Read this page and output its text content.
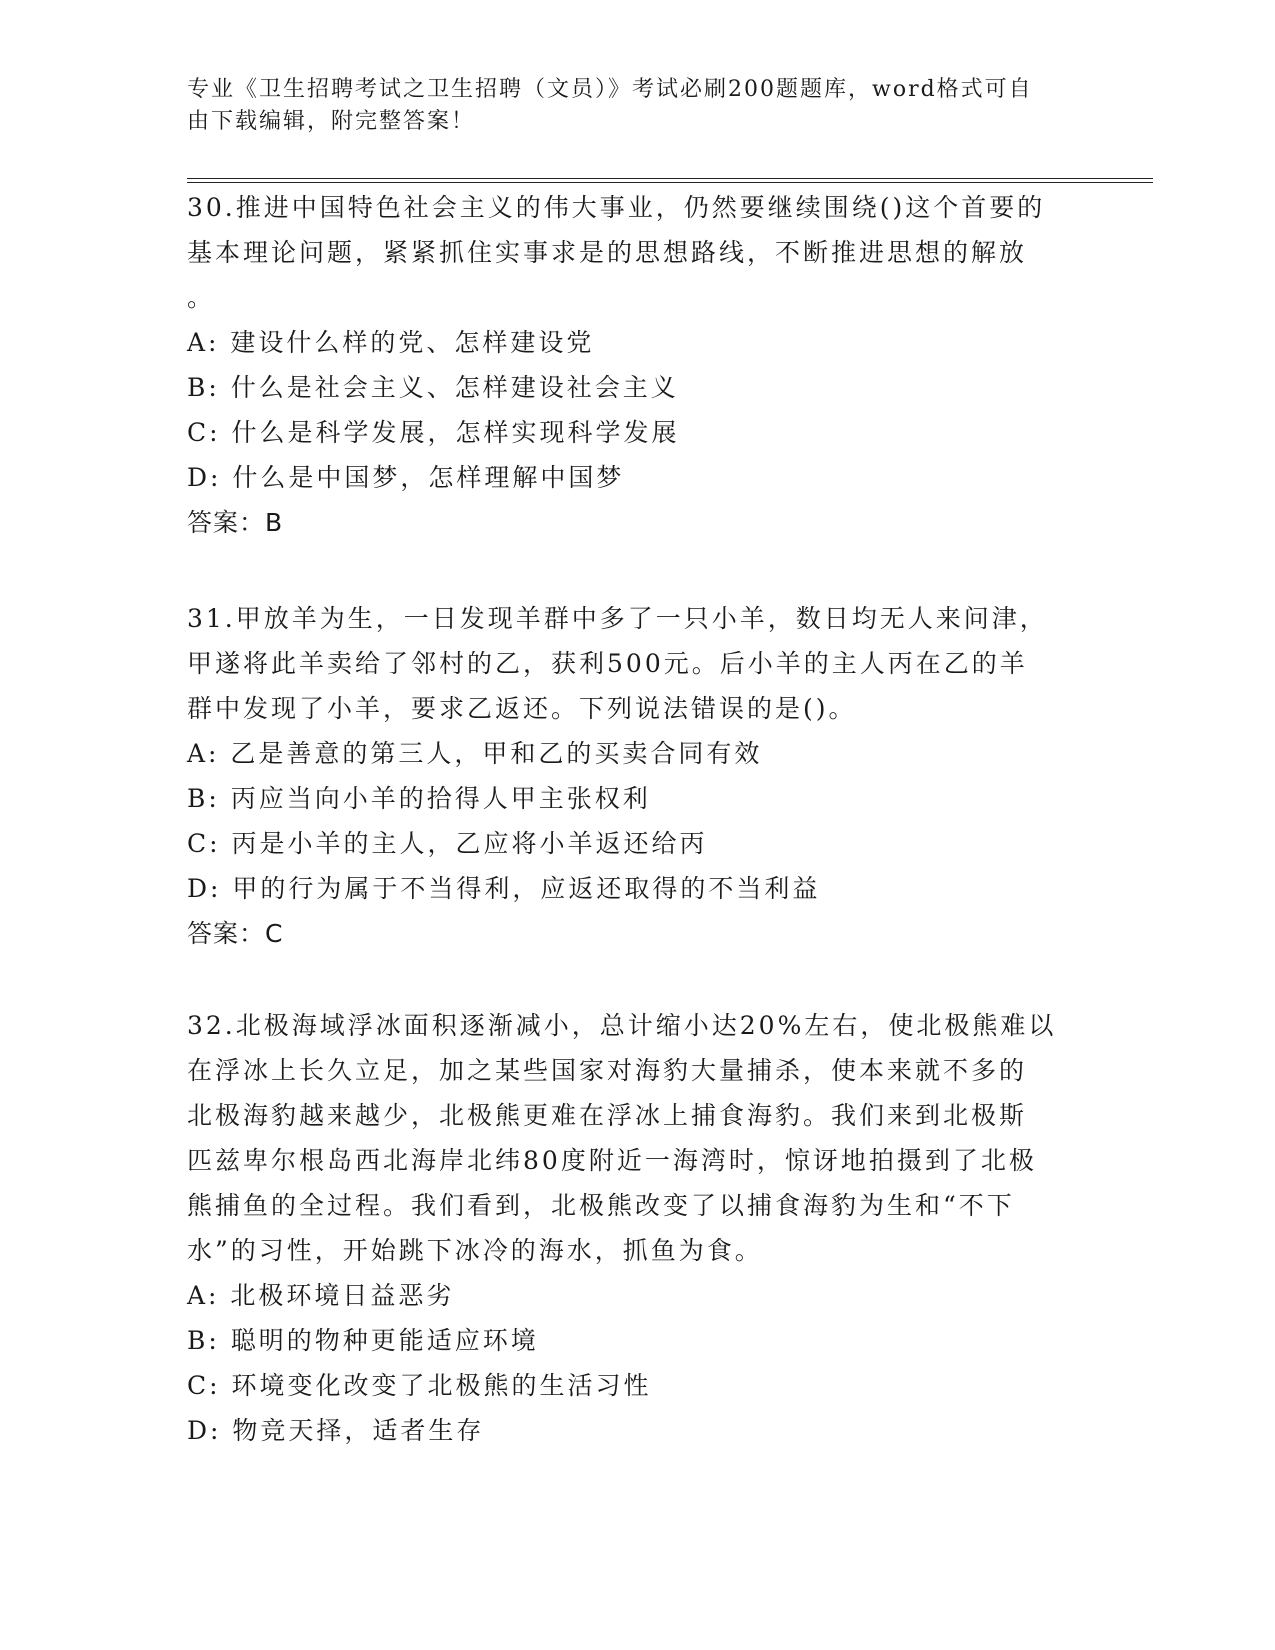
专业《卫生招聘考试之卫生招聘（文员）》考试必刷200题题库，word格式可自
由下载编辑，附完整答案！

30.推进中国特色社会主义的伟大事业，仍然要继续围绕()这个首要的

基本理论问题，紧紧抓住实事求是的思想路线，不断推进思想的解放

。

A: 建设什么样的党、怎样建设党

B: 什么是社会主义、怎样建设社会主义

C: 什么是科学发展，怎样实现科学发展

D: 什么是中国梦，怎样理解中国梦

答案：B

31.甲放羊为生，一日发现羊群中多了一只小羊，数日均无人来问津，

甲遂将此羊卖给了邻村的乙，获利500元。后小羊的主人丙在乙的羊

群中发现了小羊，要求乙返还。下列说法错误的是()。

A: 乙是善意的第三人，甲和乙的买卖合同有效

B: 丙应当向小羊的拾得人甲主张权利

C: 丙是小羊的主人，乙应将小羊返还给丙

D: 甲的行为属于不当得利，应返还取得的不当利益

答案：C

32.北极海域浮冰面积逐渐减小，总计缩小达20%左右，使北极熊难以

在浮冰上长久立足，加之某些国家对海豹大量捕杀，使本来就不多的

北极海豹越来越少，北极熊更难在浮冰上捕食海豹。我们来到北极斯

匹兹卑尔根岛西北海岸北纬80度附近一海湾时，惊讶地拍摄到了北极

熊捕鱼的全过程。我们看到，北极熊改变了以捕食海豹为生和“不下

水”的习性，开始跳下冰冷的海水，抓鱼为食。

A: 北极环境日益恶劣

B: 聪明的物种更能适应环境

C: 环境变化改变了北极熊的生活习性

D: 物竞天择，适者生存
